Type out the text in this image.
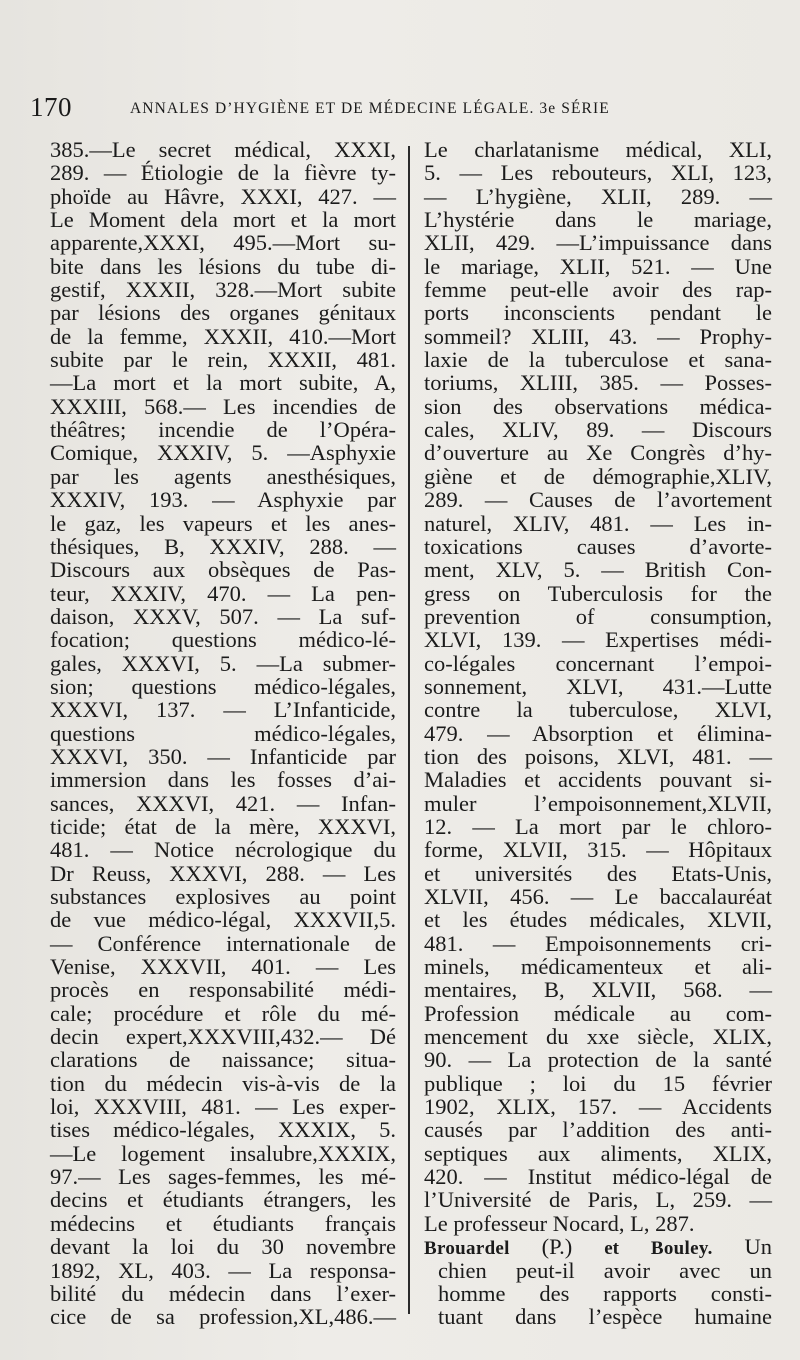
170	ANNALES D’HYGIÈNE ET DE MÉDECINE LÉGALE. 3e SÉRIE
385.—Le secret médical, XXXI,
289. — Étiologie de la fièvre ty-
phoïde au Hâvre, XXXI, 427. —
Le Moment dela mort et la mort
apparente,XXXI, 495.—Mort su-
bite dans les lésions du tube di-
gestif, XXXII, 328.—Mort subite
par lésions des organes génitaux
de la femme, XXXII, 410.—Mort
subite par le rein, XXXII, 481.
—La mort et la mort subite, A,
XXXIII, 568.— Les incendies de
théâtres; incendie de l’Opéra-
Comique, XXXIV, 5. —Asphyxie
par les agents anesthésiques,
XXXIV, 193. — Asphyxie par
le gaz, les vapeurs et les anes-
thésiques, B, XXXIV, 288. —
Discours aux obsèques de Pas-
teur, XXXIV, 470. — La pen-
daison, XXXV, 507. — La suf-
focation; questions médico-lé-
gales, XXXVI, 5. —La submer-
sion; questions médico-légales,
XXXVI, 137. — L’Infanticide,
questions médico-légales,
XXXVI, 350. — Infanticide par
immersion dans les fosses d’ai-
sances, XXXVI, 421. — Infan-
ticide; état de la mère, XXXVI,
481. — Notice nécrologique du
Dr Reuss, XXXVI, 288. — Les
substances explosives au point
de vue médico-légal, XXXVII,5.
— Conférence internationale de
Venise, XXXVII, 401. — Les
procès en responsabilité médi-
cale; procédure et rôle du mé-
decin expert,XXXVIII,432.— Dé
clarations de naissance; situa-
tion du médecin vis-à-vis de la
loi, XXXVIII, 481. — Les exper-
tises médico-légales, XXXIX, 5.
—Le logement insalubre,XXXIX,
97.— Les sages-femmes, les mé-
decins et étudiants étrangers, les
médecins et étudiants français
devant la loi du 30 novembre
1892, XL, 403. — La responsa-
bilité du médecin dans l’exer-
cice de sa profession,XL,486.—
Le charlatanisme médical, XLI,
5. — Les rebouteurs, XLI, 123,
— L’hygiène, XLII, 289. —
L’hystérie dans le mariage,
XLII, 429. —L’impuissance dans
le mariage, XLII, 521. — Une
femme peut-elle avoir des rap-
ports inconscients pendant le
sommeil? XLIII, 43. — Prophy-
laxie de la tuberculose et sana-
toriums, XLIII, 385. — Posses-
sion des observations médica-
cales, XLIV, 89. — Discours
d’ouverture au Xe Congrès d’hy-
giène et de démographie,XLIV,
289. — Causes de l’avortement
naturel, XLIV, 481. — Les in-
toxications causes d’avorte-
ment, XLV, 5. — British Con-
gress on Tuberculosis for the
prevention of consumption,
XLVI, 139. — Expertises médi-
co-légales concernant l’empoi-
sonnement, XLVI, 431.—Lutte
contre la tuberculose, XLVI,
479. — Absorption et élimina-
tion des poisons, XLVI, 481. —
Maladies et accidents pouvant si-
muler l’empoisonnement,XLVII,
12. — La mort par le chloro-
forme, XLVII, 315. — Hôpitaux
et universités des Etats-Unis,
XLVII, 456. — Le baccalauréat
et les études médicales, XLVII,
481. — Empoisonnements cri-
minels, médicamenteux et ali-
mentaires, B, XLVII, 568. —
Profession médicale au com-
mencement du xxe siècle, XLIX,
90. — La protection de la santé
publique ; loi du 15 février
1902, XLIX, 157. — Accidents
causés par l’addition des anti-
septiques aux aliments, XLIX,
420. — Institut médico-légal de
l’Université de Paris, L, 259. —
Le professeur Nocard, L, 287.
Brouardel (P.) et Bouley. Un
chien peut-il avoir avec un
homme des rapports consti-
tuant dans l’espèce humaine
